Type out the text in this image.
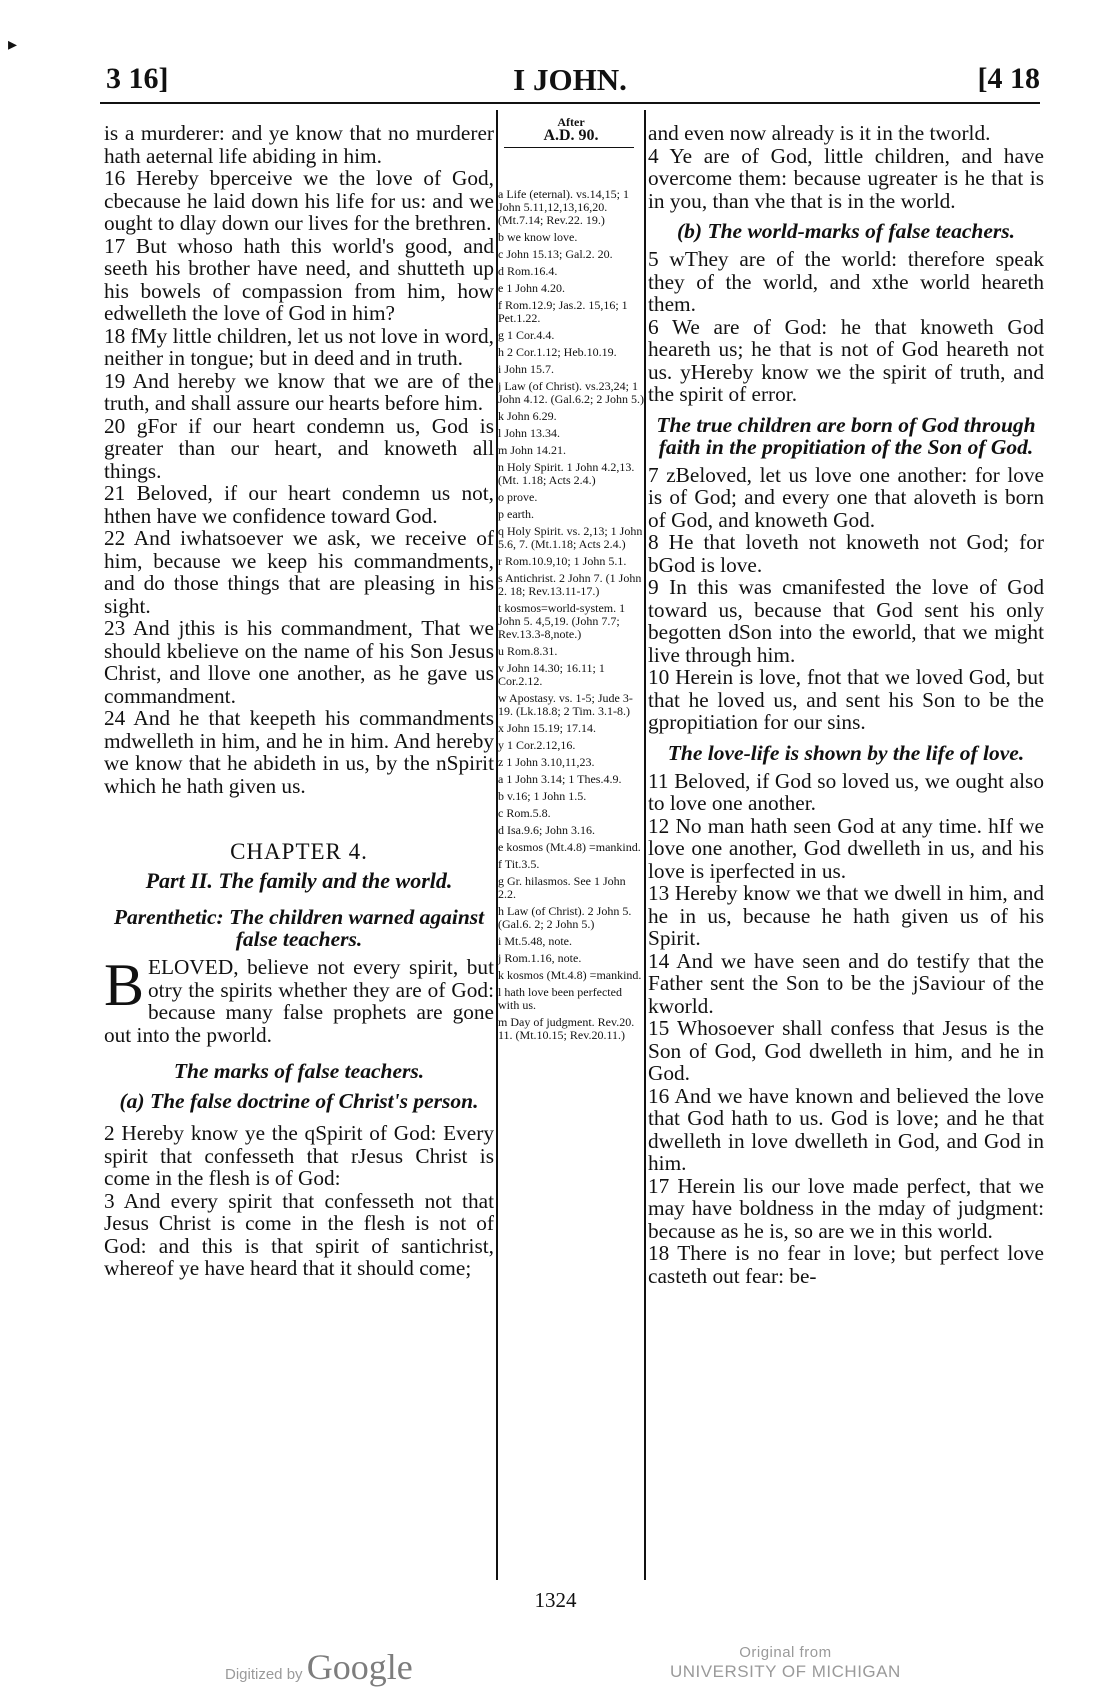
▸
3 16]	I JOHN.	[4 18

is a murderer: and ye know that no murderer hath aeternal life abiding in him.

16 Hereby bperceive we the love of God, cbecause he laid down his life for us: and we ought to dlay down our lives for the brethren.

17 But whoso hath this world's good, and seeth his brother have need, and shutteth up his bowels of compassion from him, how edwelleth the love of God in him?

18 fMy little children, let us not love in word, neither in tongue; but in deed and in truth.

19 And hereby we know that we are of the truth, and shall assure our hearts before him.

20 gFor if our heart condemn us, God is greater than our heart, and knoweth all things.

21 Beloved, if our heart condemn us not, hthen have we confidence toward God.

22 And iwhatsoever we ask, we receive of him, because we keep his commandments, and do those things that are pleasing in his sight.

23 And jthis is his commandment, That we should kbelieve on the name of his Son Jesus Christ, and llove one another, as he gave us commandment.

24 And he that keepeth his commandments mdwelleth in him, and he in him. And hereby we know that he abideth in us, by the nSpirit which he hath given us.

CHAPTER 4.
Part II. The family and the world.
Parenthetic: The children warned against false teachers.

BELOVED, believe not every spirit, but otry the spirits whether they are of God: because many false prophets are gone out into the pworld.

The marks of false teachers.
(a) The false doctrine of Christ's person.

2 Hereby know ye the qSpirit of God: Every spirit that confesseth that rJesus Christ is come in the flesh is of God:

3 And every spirit that confesseth not that Jesus Christ is come in the flesh is not of God: and this is that spirit of santichrist, whereof ye have heard that it should come;

After
A.D. 90.
a Life (eternal). vs.14,15; 1 John 5.11,12,13,16,20. (Mt.7.14; Rev.22. 19.)
b we know love.
c John 15.13; Gal.2. 20.
d Rom.16.4.
e 1 John 4.20.
f Rom.12.9; Jas.2. 15,16; 1 Pet.1.22.
g 1 Cor.4.4.
h 2 Cor.1.12; Heb.10.19.
i John 15.7.
j Law (of Christ). vs.23,24; 1 John 4.12. (Gal.6.2; 2 John 5.)
k John 6.29.
l John 13.34.
m John 14.21.
n Holy Spirit. 1 John 4.2,13. (Mt. 1.18; Acts 2.4.)
o prove.
p earth.
q Holy Spirit. vs. 2,13; 1 John 5.6, 7. (Mt.1.18; Acts 2.4.)
r Rom.10.9,10; 1 John 5.1.
s Antichrist. 2 John 7. (1 John 2. 18; Rev.13.11-17.)
t kosmos=world-system. 1 John 5. 4,5,19. (John 7.7; Rev.13.3-8,note.)
u Rom.8.31.
v John 14.30; 16.11; 1 Cor.2.12.
w Apostasy. vs. 1-5; Jude 3-19. (Lk.18.8; 2 Tim. 3.1-8.)
x John 15.19; 17.14.
y 1 Cor.2.12,16.
z 1 John 3.10,11,23.
a 1 John 3.14; 1 Thes.4.9.
b v.16; 1 John 1.5.
c Rom.5.8.
d Isa.9.6; John 3.16.
e kosmos (Mt.4.8) =mankind.
f Tit.3.5.
g Gr. hilasmos. See 1 John 2.2.
h Law (of Christ). 2 John 5. (Gal.6. 2; 2 John 5.)
i Mt.5.48, note.
j Rom.1.16, note.
k kosmos (Mt.4.8) =mankind.
l hath love been perfected with us.
m Day of judgment. Rev.20. 11. (Mt.10.15; Rev.20.11.)

and even now already is it in the tworld.

4 Ye are of God, little children, and have overcome them: because ugreater is he that is in you, than vhe that is in the world.

(b) The world-marks of false teachers.

5 wThey are of the world: therefore speak they of the world, and xthe world heareth them.

6 We are of God: he that knoweth God heareth us; he that is not of God heareth not us. yHereby know we the spirit of truth, and the spirit of error.

The true children are born of God through faith in the propitiation of the Son of God.

7 zBeloved, let us love one another: for love is of God; and every one that aloveth is born of God, and knoweth God.

8 He that loveth not knoweth not God; for bGod is love.

9 In this was cmanifested the love of God toward us, because that God sent his only begotten dSon into the eworld, that we might live through him.

10 Herein is love, fnot that we loved God, but that he loved us, and sent his Son to be the gpropitiation for our sins.

The love-life is shown by the life of love.

11 Beloved, if God so loved us, we ought also to love one another.

12 No man hath seen God at any time. hIf we love one another, God dwelleth in us, and his love is iperfected in us.

13 Hereby know we that we dwell in him, and he in us, because he hath given us of his Spirit.

14 And we have seen and do testify that the Father sent the Son to be the jSaviour of the kworld.

15 Whosoever shall confess that Jesus is the Son of God, God dwelleth in him, and he in God.

16 And we have known and believed the love that God hath to us. God is love; and he that dwelleth in love dwelleth in God, and God in him.

17 Herein lis our love made perfect, that we may have boldness in the mday of judgment: because as he is, so are we in this world.

18 There is no fear in love; but perfect love casteth out fear: be-

1324
Digitized by Google	Original from
UNIVERSITY OF MICHIGAN
